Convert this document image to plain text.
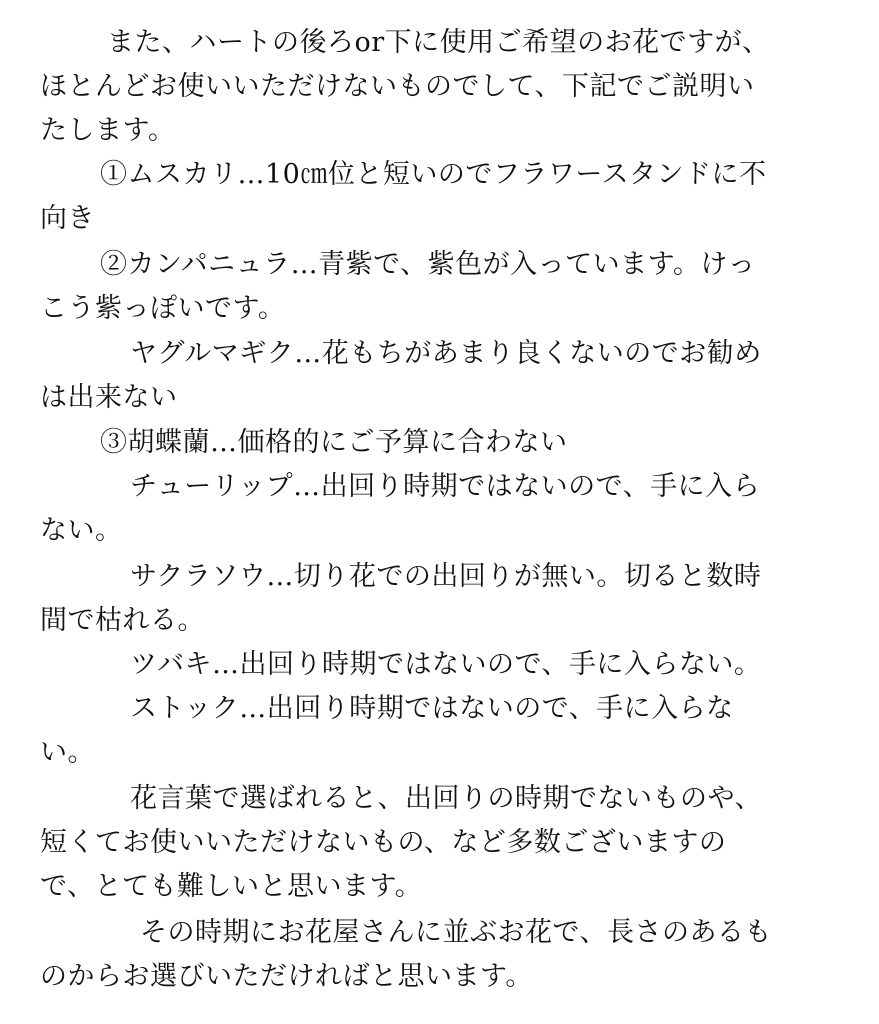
また、ハートの後ろor下に使用ご希望のお花ですが、
ほとんどお使いいただけないものでして、下記でご説明い
たします。
①ムスカリ…10㎝位と短いのでフラワースタンドに不
向き
②カンパニュラ…青紫で、紫色が入っています。けっ
こう紫っぽいです。
ヤグルマギク…花もちがあまり良くないのでお勧め
は出来ない
③胡蝶蘭…価格的にご予算に合わない
チューリップ…出回り時期ではないので、手に入ら
ない。
サクラソウ…切り花での出回りが無い。切ると数時
間で枯れる。
ツバキ…出回り時期ではないので、手に入らない。
ストック…出回り時期ではないので、手に入らな
い。
花言葉で選ばれると、出回りの時期でないものや、
短くてお使いいただけないもの、など多数ございますの
で、とても難しいと思います。
その時期にお花屋さんに並ぶお花で、長さのあるも
のからお選びいただければと思います。
